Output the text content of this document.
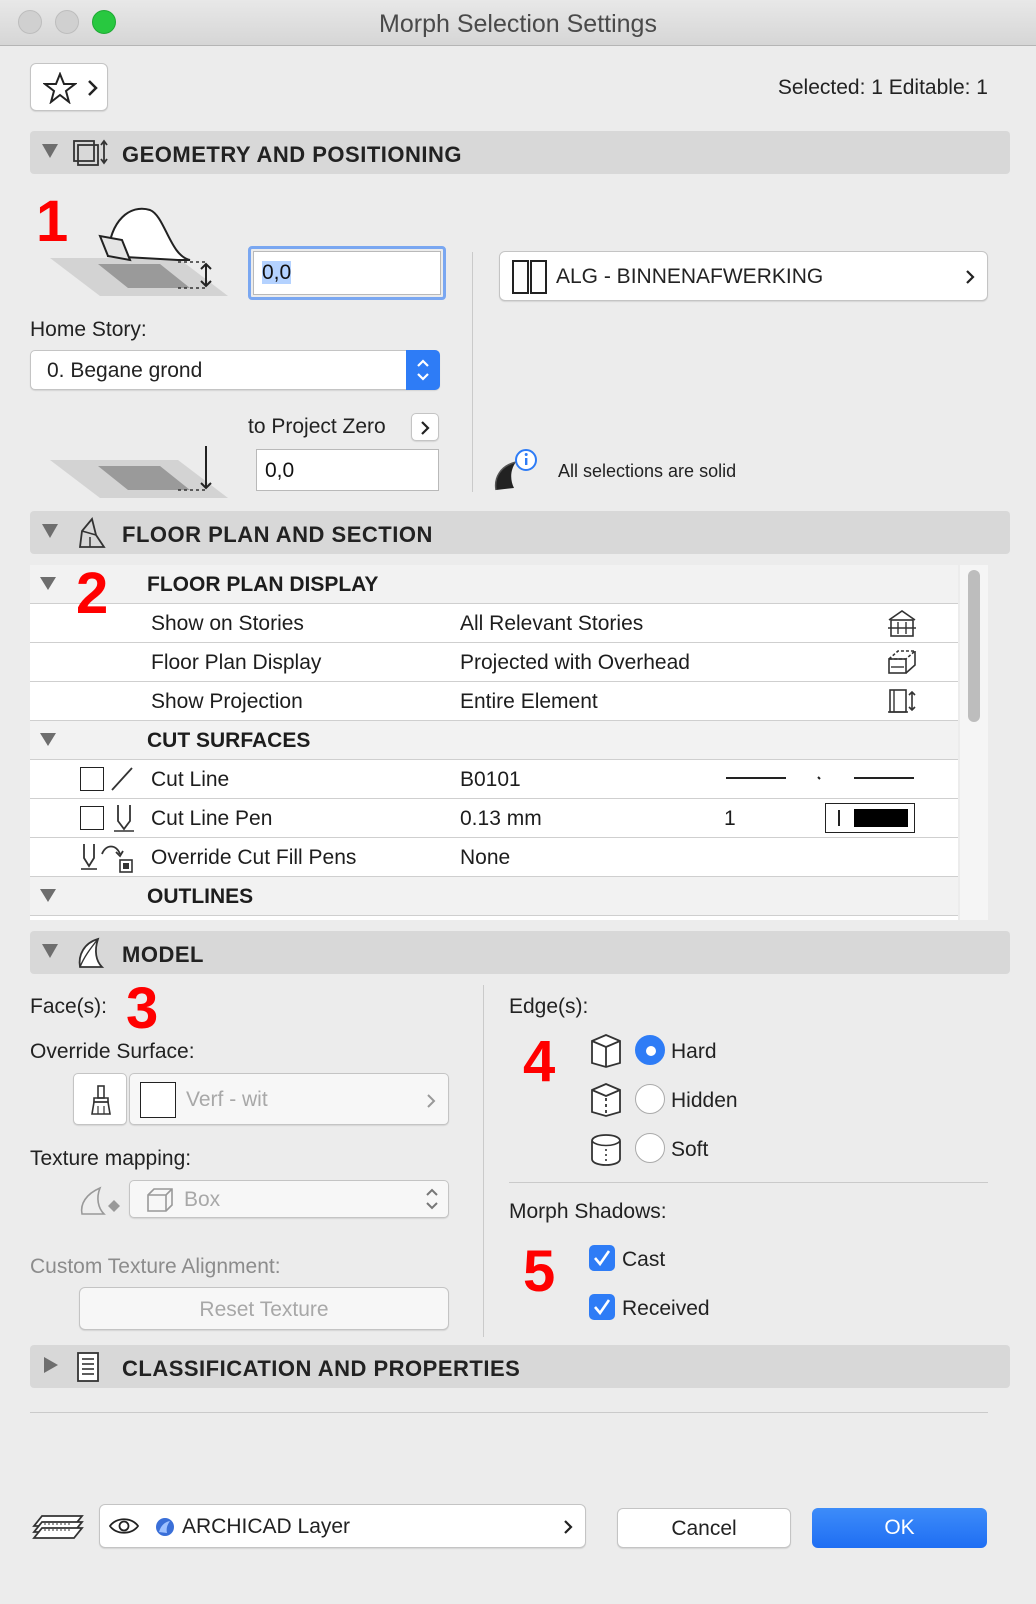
Morph Selection Settings
Selected: 1 Editable: 1
GEOMETRY AND POSITIONING
1
0,0
Home Story:
0. Begane grond
to Project Zero
0,0
ALG - BINNENAFWERKING
All selections are solid
FLOOR PLAN AND SECTION
FLOOR PLAN DISPLAY
Show on Stories	All Relevant Stories
Floor Plan Display	Projected with Overhead
Show Projection	Entire Element
CUT SURFACES
Cut Line	B0101
Cut Line Pen	0.13 mm	1
Override Cut Fill Pens	None
OUTLINES
2
MODEL
Face(s): 3
Override Surface:
Verf - wit
Texture mapping:
Box
Custom Texture Alignment:
Reset Texture
Edge(s):
4	Hard
Hidden
Soft
Morph Shadows:
5	Cast
Received
CLASSIFICATION AND PROPERTIES
ARCHICAD Layer	Cancel	OK
